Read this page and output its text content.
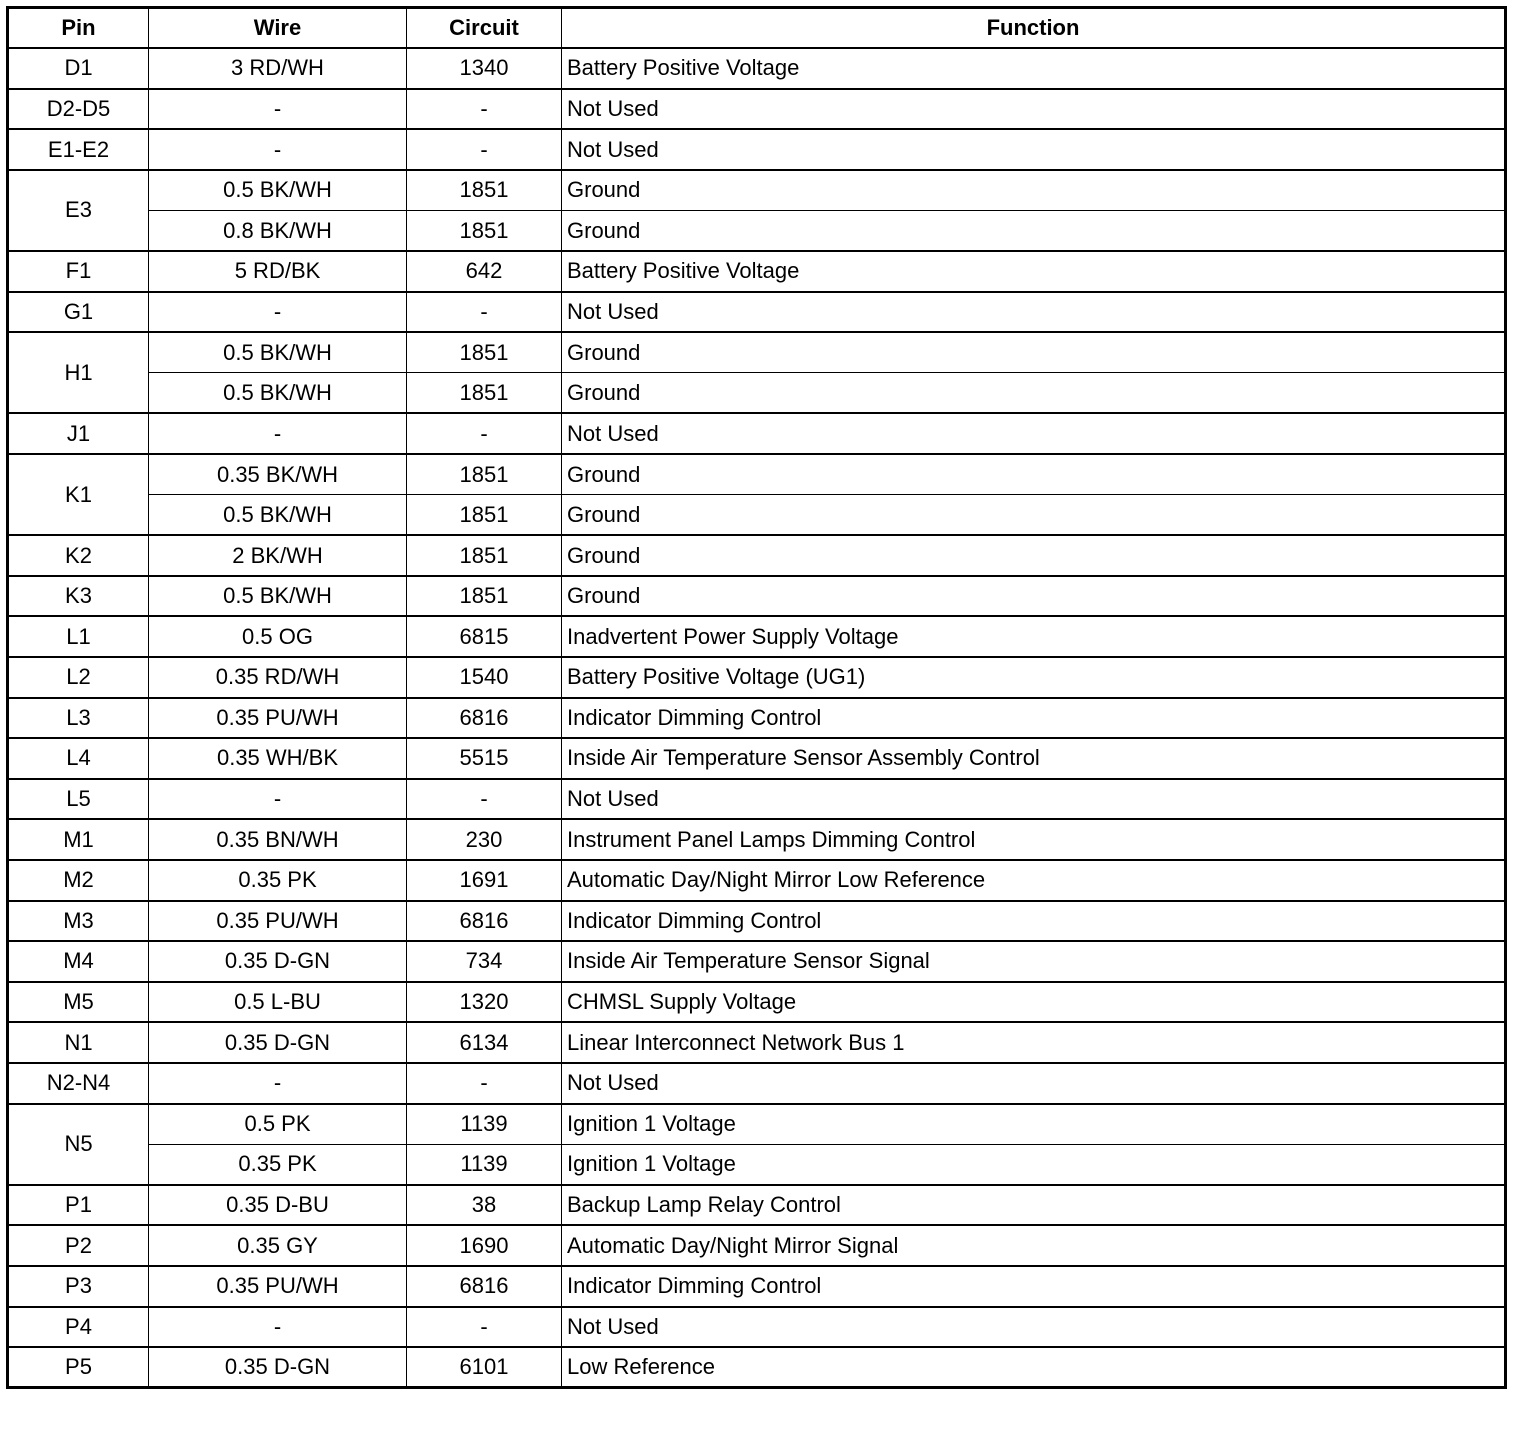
Pin	Wire	Circuit	Function
D1	3 RD/WH	1340	Battery Positive Voltage
D2-D5	-	-	Not Used
E1-E2	-	-	Not Used
E3	0.5 BK/WH	1851	Ground
	0.8 BK/WH	1851	Ground
F1	5 RD/BK	642	Battery Positive Voltage
G1	-	-	Not Used
H1	0.5 BK/WH	1851	Ground
	0.5 BK/WH	1851	Ground
J1	-	-	Not Used
K1	0.35 BK/WH	1851	Ground
	0.5 BK/WH	1851	Ground
K2	2 BK/WH	1851	Ground
K3	0.5 BK/WH	1851	Ground
L1	0.5 OG	6815	Inadvertent Power Supply Voltage
L2	0.35 RD/WH	1540	Battery Positive Voltage (UG1)
L3	0.35 PU/WH	6816	Indicator Dimming Control
L4	0.35 WH/BK	5515	Inside Air Temperature Sensor Assembly Control
L5	-	-	Not Used
M1	0.35 BN/WH	230	Instrument Panel Lamps Dimming Control
M2	0.35 PK	1691	Automatic Day/Night Mirror Low Reference
M3	0.35 PU/WH	6816	Indicator Dimming Control
M4	0.35 D-GN	734	Inside Air Temperature Sensor Signal
M5	0.5 L-BU	1320	CHMSL Supply Voltage
N1	0.35 D-GN	6134	Linear Interconnect Network Bus 1
N2-N4	-	-	Not Used
N5	0.5 PK	1139	Ignition 1 Voltage
	0.35 PK	1139	Ignition 1 Voltage
P1	0.35 D-BU	38	Backup Lamp Relay Control
P2	0.35 GY	1690	Automatic Day/Night Mirror Signal
P3	0.35 PU/WH	6816	Indicator Dimming Control
P4	-	-	Not Used
P5	0.35 D-GN	6101	Low Reference
